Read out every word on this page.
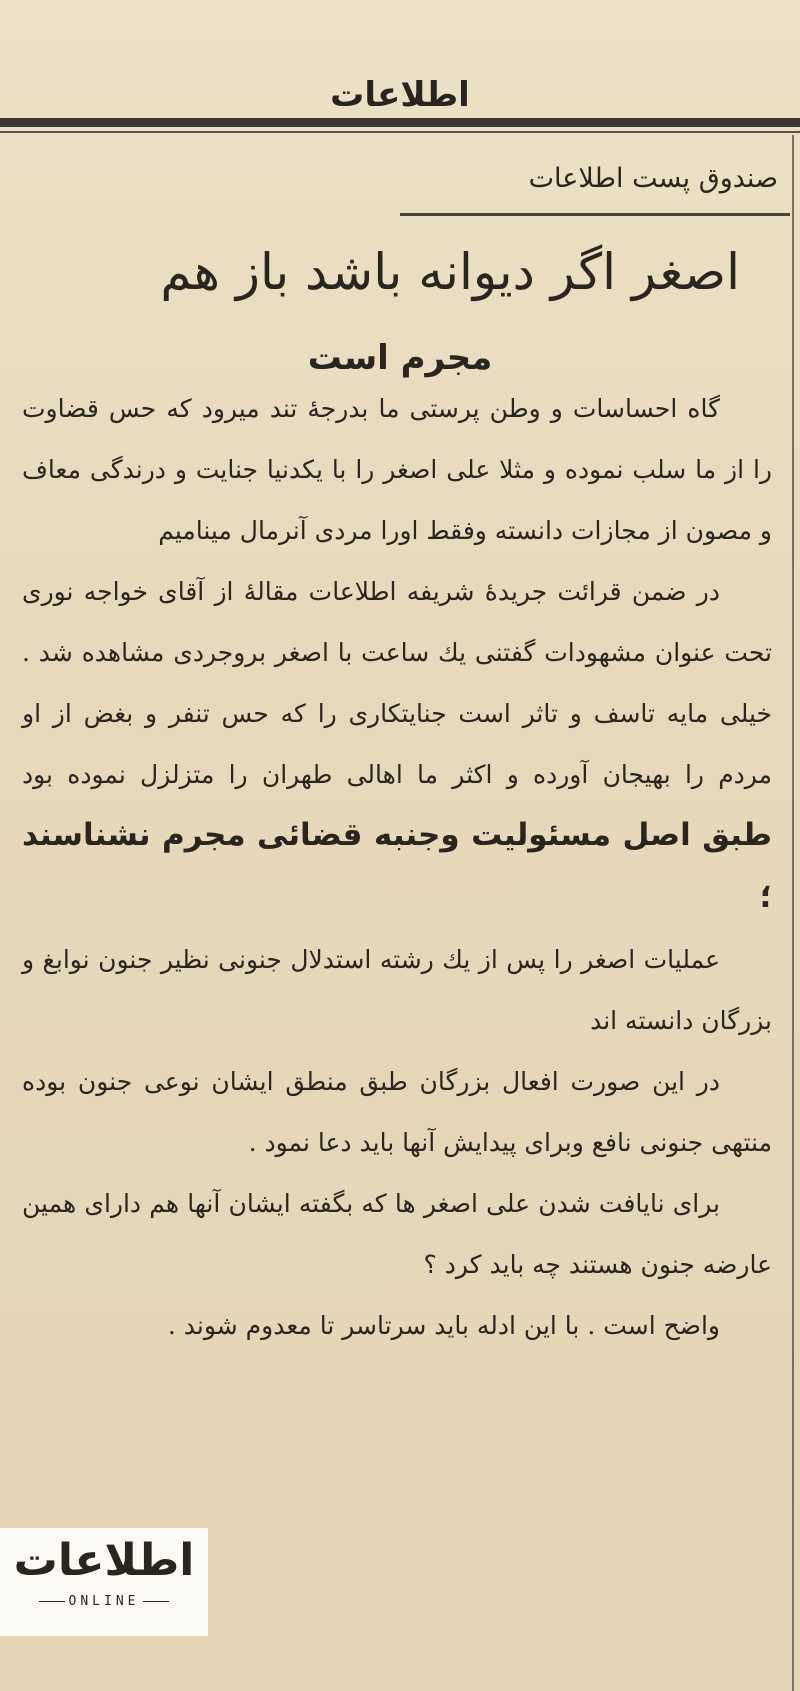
اطلاعات
صندوق پست اطلاعات
اصغر اگر دیوانه باشد باز هم
مجرم است

گاه احساسات و وطن پرستی ما بدرجهٔ تند میرود که حس قضاوت را از ما سلب نموده و مثلا علی اصغر را با یکدنیا جنایت و درندگی معاف و مصون از مجازات دانسته وفقط اورا مردی آنرمال مینامیم

در ضمن قرائت جریدهٔ شریفه اطلاعات مقالهٔ از آقای خواجه نوری تحت عنوان مشهودات گفتنی یك ساعت با اصغر بروجردی مشاهده شد . خیلی مایه تاسف و تاثر است جنایتکاری را که حس تنفر و بغض از او مردم را بهیجان آورده و اکثر ما اهالی طهران را متزلزل نموده بود طبق اصل مسئولیت وجنبه قضائی مجرم نشناسند ؛

عملیات اصغر را پس از یك رشته استدلال جنونی نظیر جنون نوابغ و بزرگان دانسته اند

در این صورت افعال بزرگان طبق منطق ایشان نوعی جنون بوده منتهی جنونی نافع وبرای پیدایش آنها باید دعا نمود .

برای نایافت شدن علی اصغر ها که بگفته ایشان آنها هم دارای همین عارضه جنون هستند چه باید کرد ؟

واضح است . با این ادله باید سرتاسر تا معدوم شوند .

اطلاعات
ONLINE
